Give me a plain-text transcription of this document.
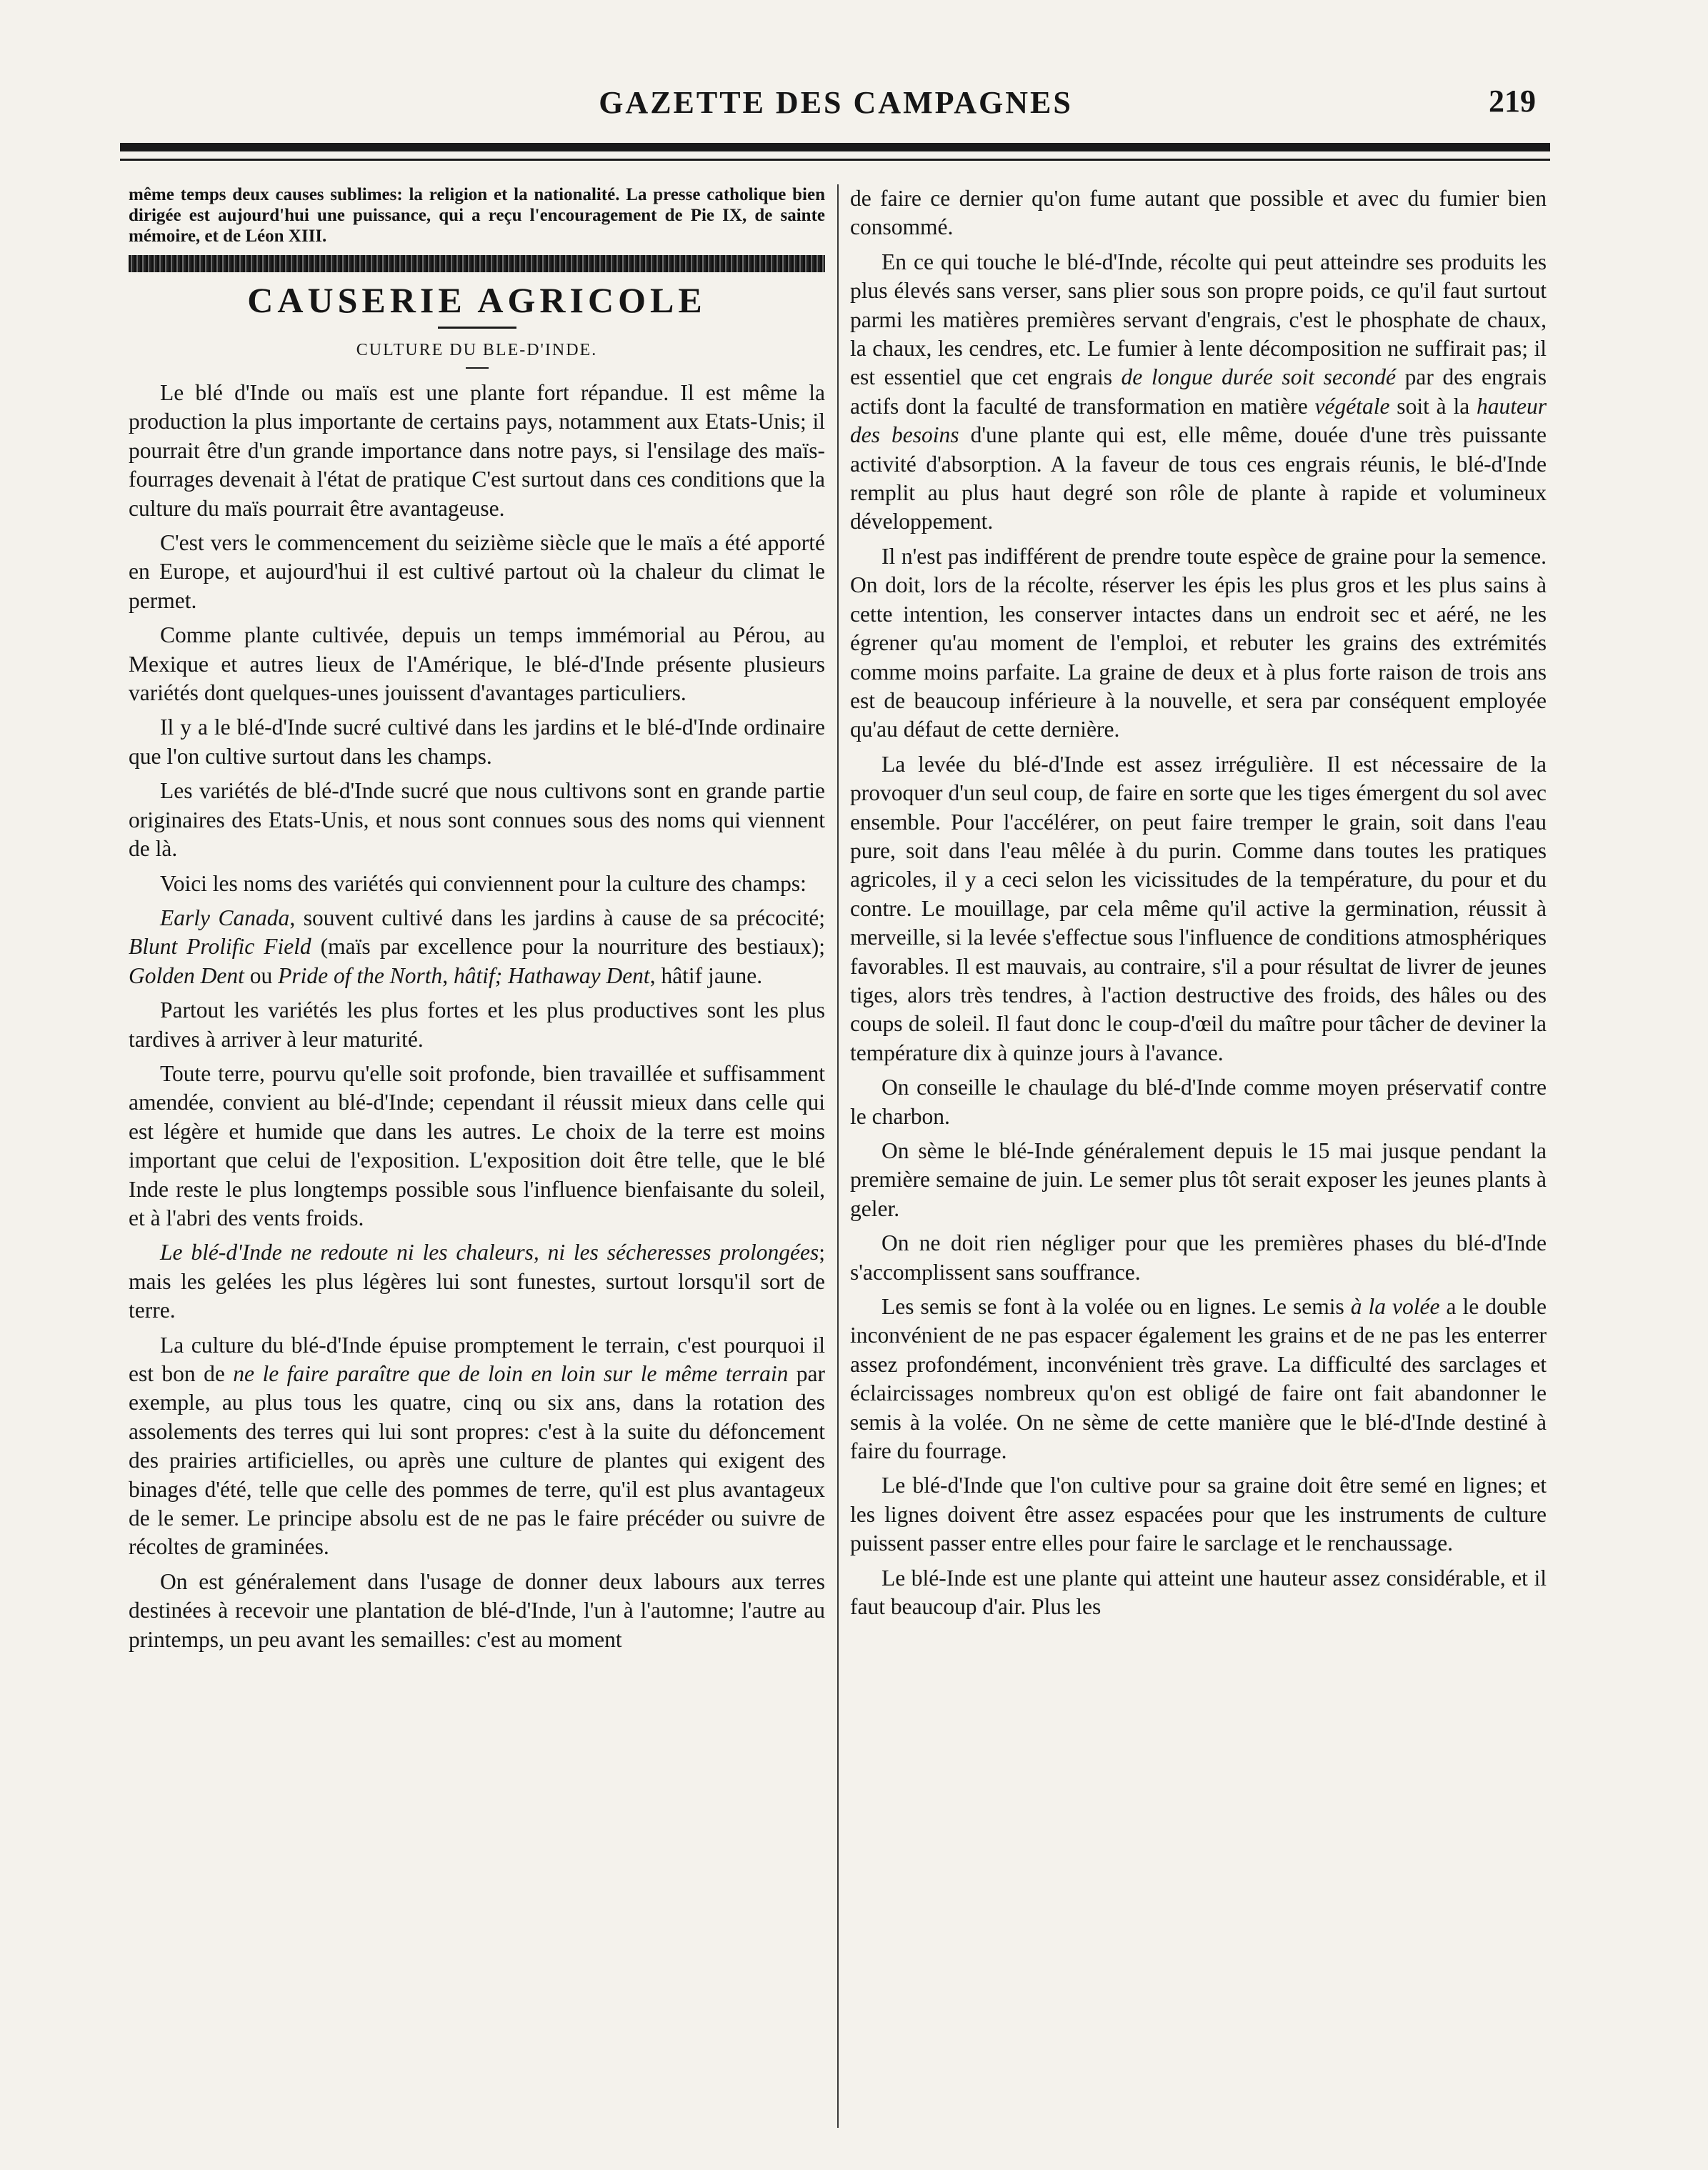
GAZETTE DES CAMPAGNES	219
même temps deux causes sublimes: la religion et la nationalité. La presse catholique bien dirigée est aujourd'hui une puissance, qui a reçu l'encouragement de Pie IX, de sainte mémoire, et de Léon XIII.
CAUSERIE AGRICOLE
CULTURE DU BLE-D'INDE.

Le blé d'Inde ou maïs est une plante fort répandue. Il est même la production la plus importante de certains pays, notamment aux Etats-Unis; il pourrait être d'un grande importance dans notre pays, si l'ensilage des maïs-fourrages devenait à l'état de pratique C'est surtout dans ces conditions que la culture du maïs pourrait être avantageuse.

C'est vers le commencement du seizième siècle que le maïs a été apporté en Europe, et aujourd'hui il est cultivé partout où la chaleur du climat le permet.

Comme plante cultivée, depuis un temps immémorial au Pérou, au Mexique et autres lieux de l'Amérique, le blé-d'Inde présente plusieurs variétés dont quelques-unes jouissent d'avantages particuliers.

Il y a le blé-d'Inde sucré cultivé dans les jardins et le blé-d'Inde ordinaire que l'on cultive surtout dans les champs.

Les variétés de blé-d'Inde sucré que nous cultivons sont en grande partie originaires des Etats-Unis, et nous sont connues sous des noms qui viennent de là.

Voici les noms des variétés qui conviennent pour la culture des champs:

Early Canada, souvent cultivé dans les jardins à cause de sa précocité; Blunt Prolific Field (maïs par excellence pour la nourriture des bestiaux); Golden Dent ou Pride of the North, hâtif; Hathaway Dent, hâtif jaune.

Partout les variétés les plus fortes et les plus productives sont les plus tardives à arriver à leur maturité.

Toute terre, pourvu qu'elle soit profonde, bien travaillée et suffisamment amendée, convient au blé-d'Inde; cependant il réussit mieux dans celle qui est légère et humide que dans les autres. Le choix de la terre est moins important que celui de l'exposition. L'exposition doit être telle, que le blé Inde reste le plus longtemps possible sous l'influence bienfaisante du soleil, et à l'abri des vents froids.

Le blé-d'Inde ne redoute ni les chaleurs, ni les sécheresses prolongées; mais les gelées les plus légères lui sont funestes, surtout lorsqu'il sort de terre.

La culture du blé-d'Inde épuise promptement le terrain, c'est pourquoi il est bon de ne le faire paraître que de loin en loin sur le même terrain par exemple, au plus tous les quatre, cinq ou six ans, dans la rotation des assolements des terres qui lui sont propres: c'est à la suite du défoncement des prairies artificielles, ou après une culture de plantes qui exigent des binages d'été, telle que celle des pommes de terre, qu'il est plus avantageux de le semer. Le principe absolu est de ne pas le faire précéder ou suivre de récoltes de graminées.

On est généralement dans l'usage de donner deux labours aux terres destinées à recevoir une plantation de blé-d'Inde, l'un à l'automne; l'autre au printemps, un peu avant les semailles: c'est au moment

de faire ce dernier qu'on fume autant que possible et avec du fumier bien consommé.

En ce qui touche le blé-d'Inde, récolte qui peut atteindre ses produits les plus élevés sans verser, sans plier sous son propre poids, ce qu'il faut surtout parmi les matières premières servant d'engrais, c'est le phosphate de chaux, la chaux, les cendres, etc. Le fumier à lente décomposition ne suffirait pas; il est essentiel que cet engrais de longue durée soit secondé par des engrais actifs dont la faculté de transformation en matière végétale soit à la hauteur des besoins d'une plante qui est, elle même, douée d'une très puissante activité d'absorption. A la faveur de tous ces engrais réunis, le blé-d'Inde remplit au plus haut degré son rôle de plante à rapide et volumineux développement.

Il n'est pas indifférent de prendre toute espèce de graine pour la semence. On doit, lors de la récolte, réserver les épis les plus gros et les plus sains à cette intention, les conserver intactes dans un endroit sec et aéré, ne les égrener qu'au moment de l'emploi, et rebuter les grains des extrémités comme moins parfaite. La graine de deux et à plus forte raison de trois ans est de beaucoup inférieure à la nouvelle, et sera par conséquent employée qu'au défaut de cette dernière.

La levée du blé-d'Inde est assez irrégulière. Il est nécessaire de la provoquer d'un seul coup, de faire en sorte que les tiges émergent du sol avec ensemble. Pour l'accélérer, on peut faire tremper le grain, soit dans l'eau pure, soit dans l'eau mêlée à du purin. Comme dans toutes les pratiques agricoles, il y a ceci selon les vicissitudes de la température, du pour et du contre. Le mouillage, par cela même qu'il active la germination, réussit à merveille, si la levée s'effectue sous l'influence de conditions atmosphériques favorables. Il est mauvais, au contraire, s'il a pour résultat de livrer de jeunes tiges, alors très tendres, à l'action destructive des froids, des hâles ou des coups de soleil. Il faut donc le coup-d'œil du maître pour tâcher de deviner la température dix à quinze jours à l'avance.

On conseille le chaulage du blé-d'Inde comme moyen préservatif contre le charbon.

On sème le blé-Inde généralement depuis le 15 mai jusque pendant la première semaine de juin. Le semer plus tôt serait exposer les jeunes plants à geler.

On ne doit rien négliger pour que les premières phases du blé-d'Inde s'accomplissent sans souffrance.

Les semis se font à la volée ou en lignes. Le semis à la volée a le double inconvénient de ne pas espacer également les grains et de ne pas les enterrer assez profondément, inconvénient très grave. La difficulté des sarclages et éclaircissages nombreux qu'on est obligé de faire ont fait abandonner le semis à la volée. On ne sème de cette manière que le blé-d'Inde destiné à faire du fourrage.

Le blé-d'Inde que l'on cultive pour sa graine doit être semé en lignes; et les lignes doivent être assez espacées pour que les instruments de culture puissent passer entre elles pour faire le sarclage et le renchaussage.

Le blé-Inde est une plante qui atteint une hauteur assez considérable, et il faut beaucoup d'air. Plus les
